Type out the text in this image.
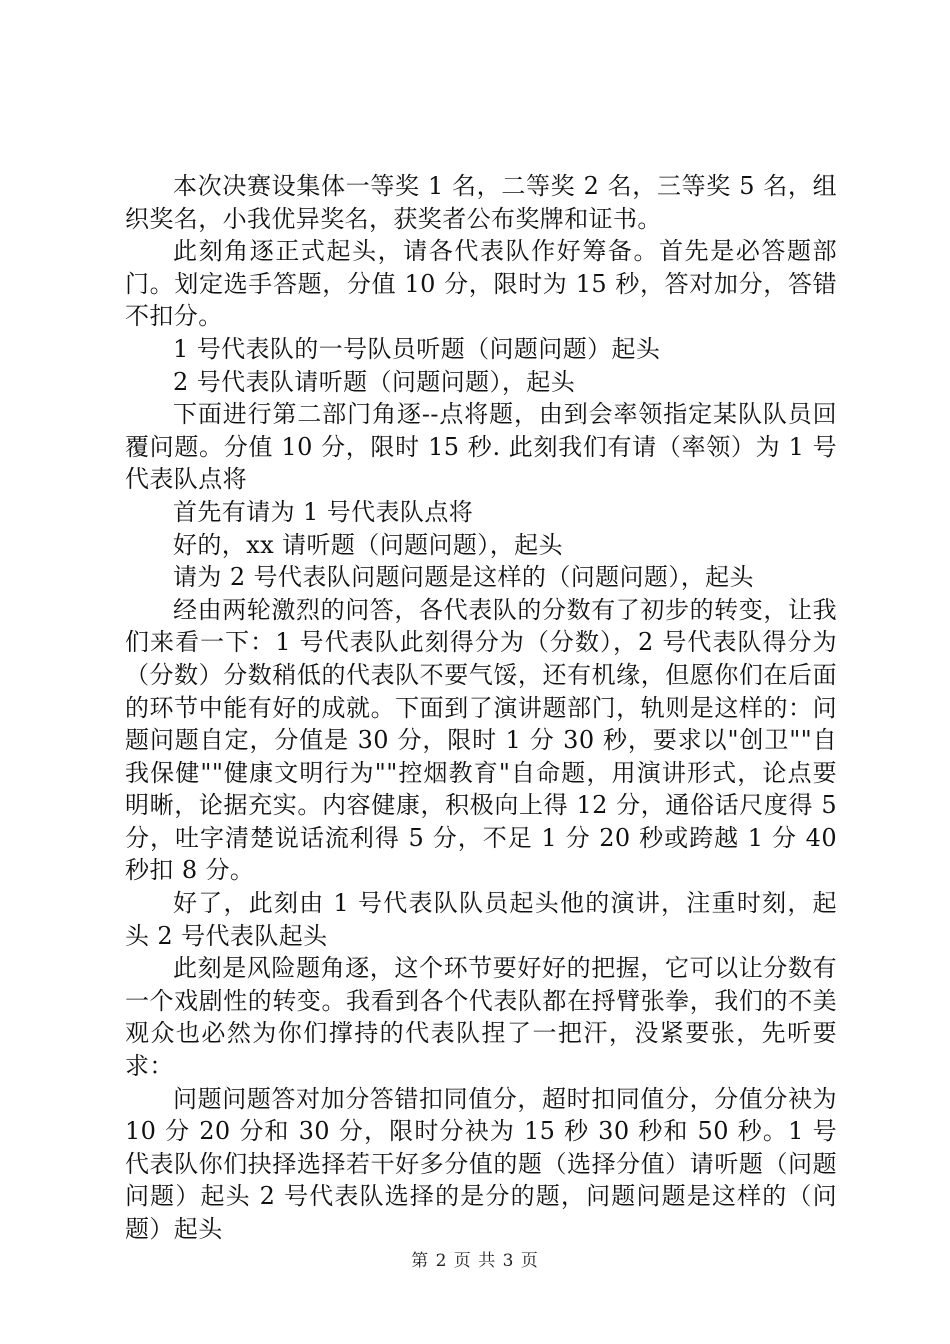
本次决赛设集体一等奖 1 名，二等奖 2 名，三等奖 5 名，组织奖名，小我优异奖名，获奖者公布奖牌和证书。

此刻角逐正式起头，请各代表队作好筹备。首先是必答题部门。划定选手答题，分值 10 分，限时为 15 秒，答对加分，答错不扣分。

1 号代表队的一号队员听题（问题问题）起头

2 号代表队请听题（问题问题），起头

下面进行第二部门角逐--点将题，由到会率领指定某队队员回覆问题。分值 10 分，限时 15 秒. 此刻我们有请（率领）为 1 号代表队点将

首先有请为 1 号代表队点将

好的，xx 请听题（问题问题），起头

请为 2 号代表队问题问题是这样的（问题问题），起头

经由两轮激烈的问答，各代表队的分数有了初步的转变，让我们来看一下：1 号代表队此刻得分为（分数），2 号代表队得分为（分数）分数稍低的代表队不要气馁，还有机缘，但愿你们在后面的环节中能有好的成就。下面到了演讲题部门，轨则是这样的：问题问题自定，分值是 30 分，限时 1 分 30 秒，要求以"创卫""自我保健""健康文明行为""控烟教育"自命题，用演讲形式，论点要明晰，论据充实。内容健康，积极向上得 12 分，通俗话尺度得 5 分，吐字清楚说话流利得 5 分，不足 1 分 20 秒或跨越 1 分 40 秒扣 8 分。

好了，此刻由 1 号代表队队员起头他的演讲，注重时刻，起头 2 号代表队起头

此刻是风险题角逐，这个环节要好好的把握，它可以让分数有一个戏剧性的转变。我看到各个代表队都在捋臂张拳，我们的不美观众也必然为你们撑持的代表队捏了一把汗，没紧要张，先听要求：

问题问题答对加分答错扣同值分，超时扣同值分，分值分袂为 10 分 20 分和 30 分，限时分袂为 15 秒 30 秒和 50 秒。1 号代表队你们抉择选择若干好多分值的题（选择分值）请听题（问题问题）起头 2 号代表队选择的是分的题，问题问题是这样的（问题）起头

第 2 页 共 3 页
